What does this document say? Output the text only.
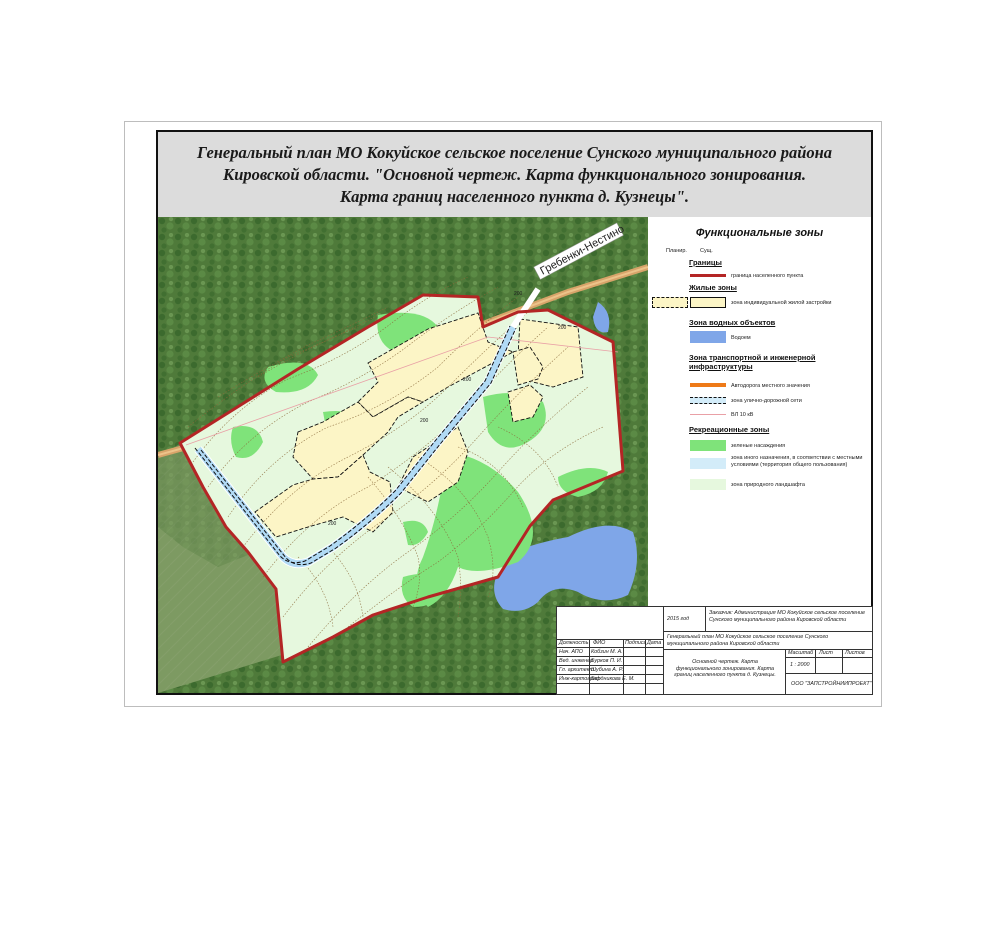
Генеральный план МО Кокуйское сельское поселение Сунского муниципального района
Кировской области. "Основной чертеж. Карта функционального зонирования.
Карта границ населенного пункта д. Кузнецы".
Гребенки-Нестино
200
200
200
200
200
Функциональные зоны
Планир. Сущ.
Границы
граница населенного пункта
Жилые зоны
зона индивидуальной жилой застройки
Зона водных объектов
Водоем
Зона транспортной и инженерной инфраструктуры
Автодорога местного значения
зона улично-дорожной сети
ВЛ 10 кВ
Рекреационные зоны
зеленые насаждения
зона иного назначения, в соответствии с местными условиями (территория общего пользования)
зона природного ландшафта
2015 год
Заказчик: Администрация МО Кокуйское сельское поселение Сунского муниципального района Кировской области
Генеральный план МО Кокуйское сельское поселение Сунского муниципального района Кировской области
Должность ФИО	Подпись Дата
Нач. АПО Кобзин М. А.
Вед. инженер
Бурков П. И.
Гл. архитект.
Шубина А. Р.
Инж-картограф
Бердникова Е. М.
Основной чертеж. Карта функционального зонирования. Карта границ населенного пункта д. Кузнецы.
Масштаб Лист Листов
1 : 2000
ООО "ЗАПСТРОЙНИИПРОЕКТ"
